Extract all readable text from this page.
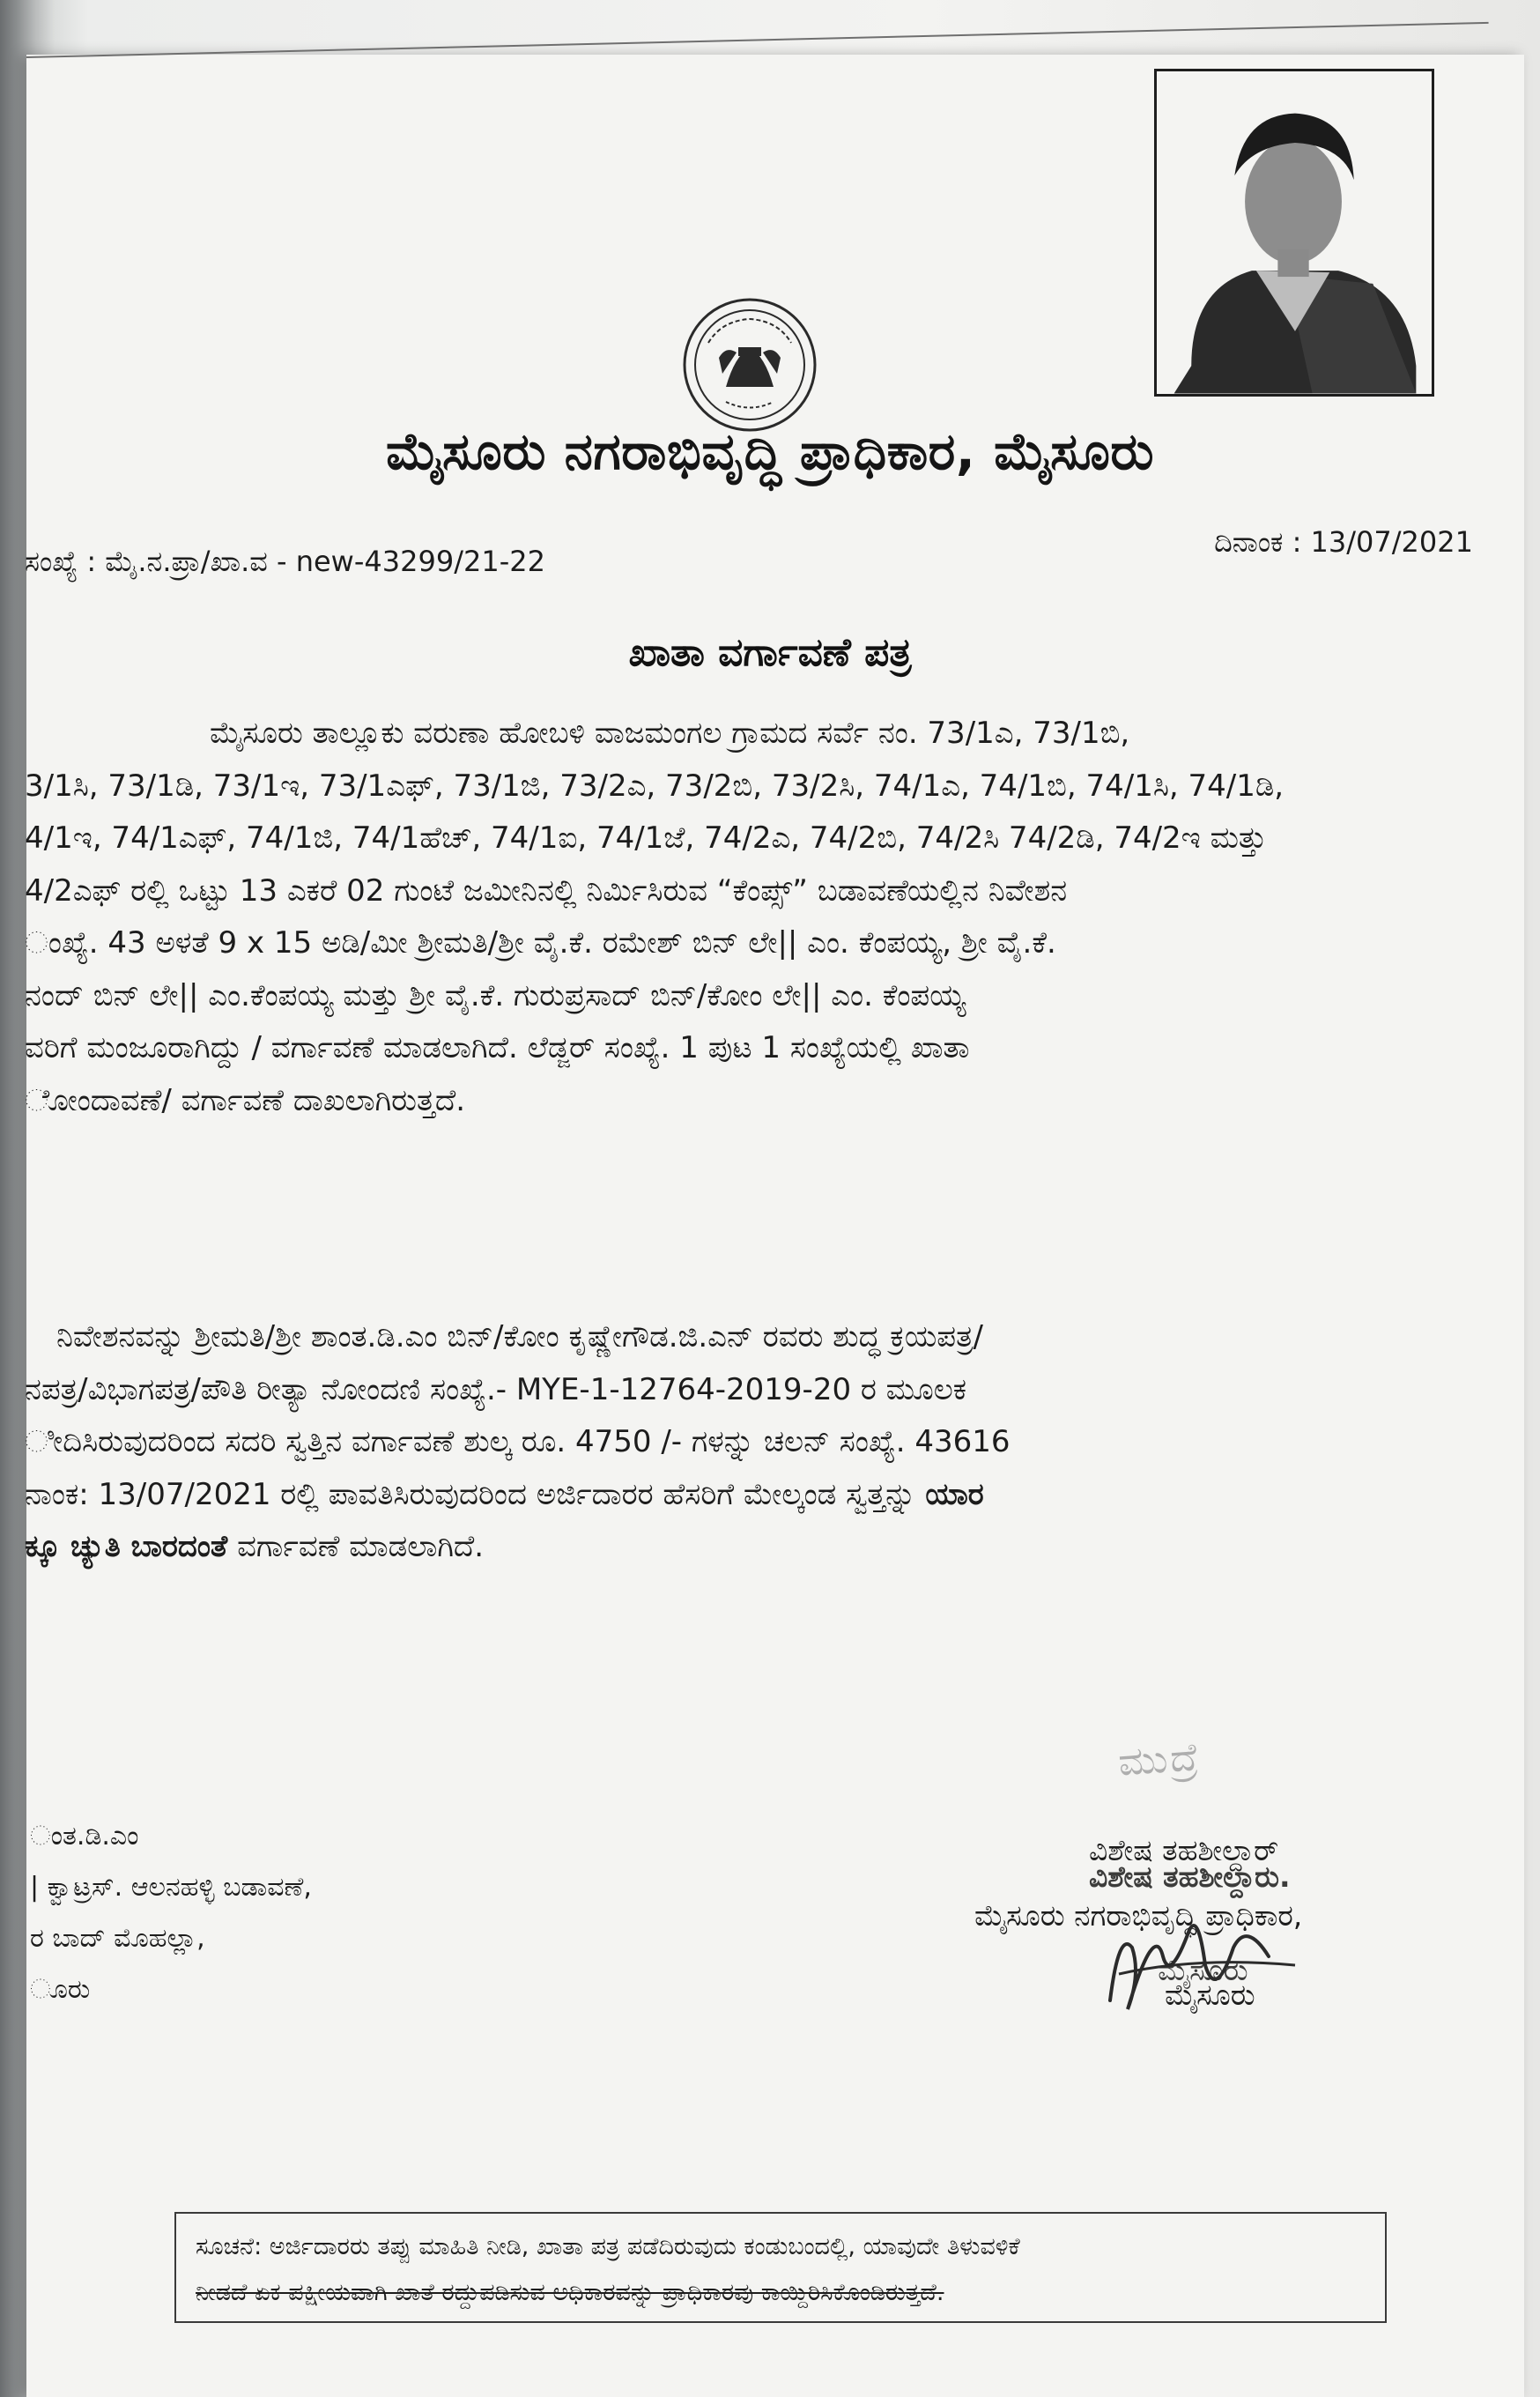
ಮೈಸೂರು ನಗರಾಭಿವೃದ್ಧಿ ಪ್ರಾಧಿಕಾರ, ಮೈಸೂರು
ಸಂಖ್ಯೆ : ಮೈ.ನ.ಪ್ರಾ/ಖಾ.ವ - new-43299/21-22
ದಿನಾಂಕ : 13/07/2021
ಖಾತಾ ವರ್ಗಾವಣೆ ಪತ್ರ
ಮೈಸೂರು ತಾಲ್ಲೂಕು ವರುಣಾ ಹೋಬಳಿ ವಾಜಮಂಗಲ ಗ್ರಾಮದ ಸರ್ವೆ ನಂ. 73/1ಎ, 73/1ಬಿ,
3/1ಸಿ, 73/1ಡಿ, 73/1ಇ, 73/1ಎಫ್, 73/1ಜಿ, 73/2ಎ, 73/2ಬಿ, 73/2ಸಿ, 74/1ಎ, 74/1ಬಿ, 74/1ಸಿ, 74/1ಡಿ,
4/1ಇ, 74/1ಎಫ್, 74/1ಜಿ, 74/1ಹೆಚ್, 74/1ಐ, 74/1ಜೆ, 74/2ಎ, 74/2ಬಿ, 74/2ಸಿ 74/2ಡಿ, 74/2ಇ ಮತ್ತು
4/2ಎಫ್ ರಲ್ಲಿ ಒಟ್ಟು 13 ಎಕರೆ 02 ಗುಂಟೆ ಜಮೀನಿನಲ್ಲಿ ನಿರ್ಮಿಸಿರುವ “ಕೆಂಪ್ಸ್” ಬಡಾವಣೆಯಲ್ಲಿನ ನಿವೇಶನ
ಂಖ್ಯೆ. 43 ಅಳತೆ 9 x 15 ಅಡಿ/ಮೀ ಶ್ರೀಮತಿ/ಶ್ರೀ ವೈ.ಕೆ. ರಮೇಶ್ ಬಿನ್ ಲೇ|| ಎಂ. ಕೆಂಪಯ್ಯ, ಶ್ರೀ ವೈ.ಕೆ.
ನಂದ್ ಬಿನ್ ಲೇ|| ಎಂ.ಕೆಂಪಯ್ಯ ಮತ್ತು ಶ್ರೀ ವೈ.ಕೆ. ಗುರುಪ್ರಸಾದ್ ಬಿನ್/ಕೋಂ ಲೇ|| ಎಂ. ಕೆಂಪಯ್ಯ
ವರಿಗೆ ಮಂಜೂರಾಗಿದ್ದು / ವರ್ಗಾವಣೆ ಮಾಡಲಾಗಿದೆ. ಲೆಡ್ಜರ್ ಸಂಖ್ಯೆ. 1 ಪುಟ 1 ಸಂಖ್ಯೆಯಲ್ಲಿ ಖಾತಾ
ೋಂದಾವಣೆ/ ವರ್ಗಾವಣೆ ದಾಖಲಾಗಿರುತ್ತದೆ.
ನಿವೇಶನವನ್ನು ಶ್ರೀಮತಿ/ಶ್ರೀ ಶಾಂತ.ಡಿ.ಎಂ ಬಿನ್/ಕೋಂ ಕೃಷ್ಣೇಗೌಡ.ಜಿ.ಎನ್ ರವರು ಶುದ್ಧ ಕ್ರಯಪತ್ರ/
ನಪತ್ರ/ವಿಭಾಗಪತ್ರ/ಪೌತಿ ರೀತ್ಯಾ ನೋಂದಣಿ ಸಂಖ್ಯೆ.- MYE-1-12764-2019-20 ರ ಮೂಲಕ
ೀದಿಸಿರುವುದರಿಂದ ಸದರಿ ಸ್ವತ್ತಿನ ವರ್ಗಾವಣೆ ಶುಲ್ಕ ರೂ. 4750 /- ಗಳನ್ನು ಚಲನ್ ಸಂಖ್ಯೆ. 43616
ನಾಂಕ: 13/07/2021 ರಲ್ಲಿ ಪಾವತಿಸಿರುವುದರಿಂದ ಅರ್ಜಿದಾರರ ಹೆಸರಿಗೆ ಮೇಲ್ಕಂಡ ಸ್ವತ್ತನ್ನು ಯಾರ
ಕ್ಕೂ ಚ್ಯುತಿ ಬಾರದಂತೆ ವರ್ಗಾವಣೆ ಮಾಡಲಾಗಿದೆ.
ಂತ.ಡಿ.ಎಂ
| ಕ್ವಾಟ್ರಸ್. ಆಲನಹಳ್ಳಿ ಬಡಾವಣೆ,
ರ ಬಾದ್ ಮೊಹಲ್ಲಾ,
ೂರು
ಮುದ್ರೆ
ವಿಶೇಷ ತಹಶೀಲ್ದಾರ್
ವಿಶೇಷ ತಹಶೀಲ್ದಾರು.
ಮೈಸೂರು ನಗರಾಭಿವೃದ್ಧಿ ಪ್ರಾಧಿಕಾರ,
ಮೈಸೂರು
ಮೈಸೂರು
ಸೂಚನೆ: ಅರ್ಜಿದಾರರು ತಪ್ಪು ಮಾಹಿತಿ ನೀಡಿ, ಖಾತಾ ಪತ್ರ ಪಡೆದಿರುವುದು ಕಂಡುಬಂದಲ್ಲಿ, ಯಾವುದೇ ತಿಳುವಳಿಕೆ
ನೀಡದೆ ಏಕ ಪಕ್ಷೀಯವಾಗಿ ಖಾತೆ ರದ್ದುಪಡಿಸುವ ಅಧಿಕಾರವನ್ನು ಪ್ರಾಧಿಕಾರವು ಕಾಯ್ದಿರಿಸಿಕೊಂಡಿರುತ್ತದೆ.
